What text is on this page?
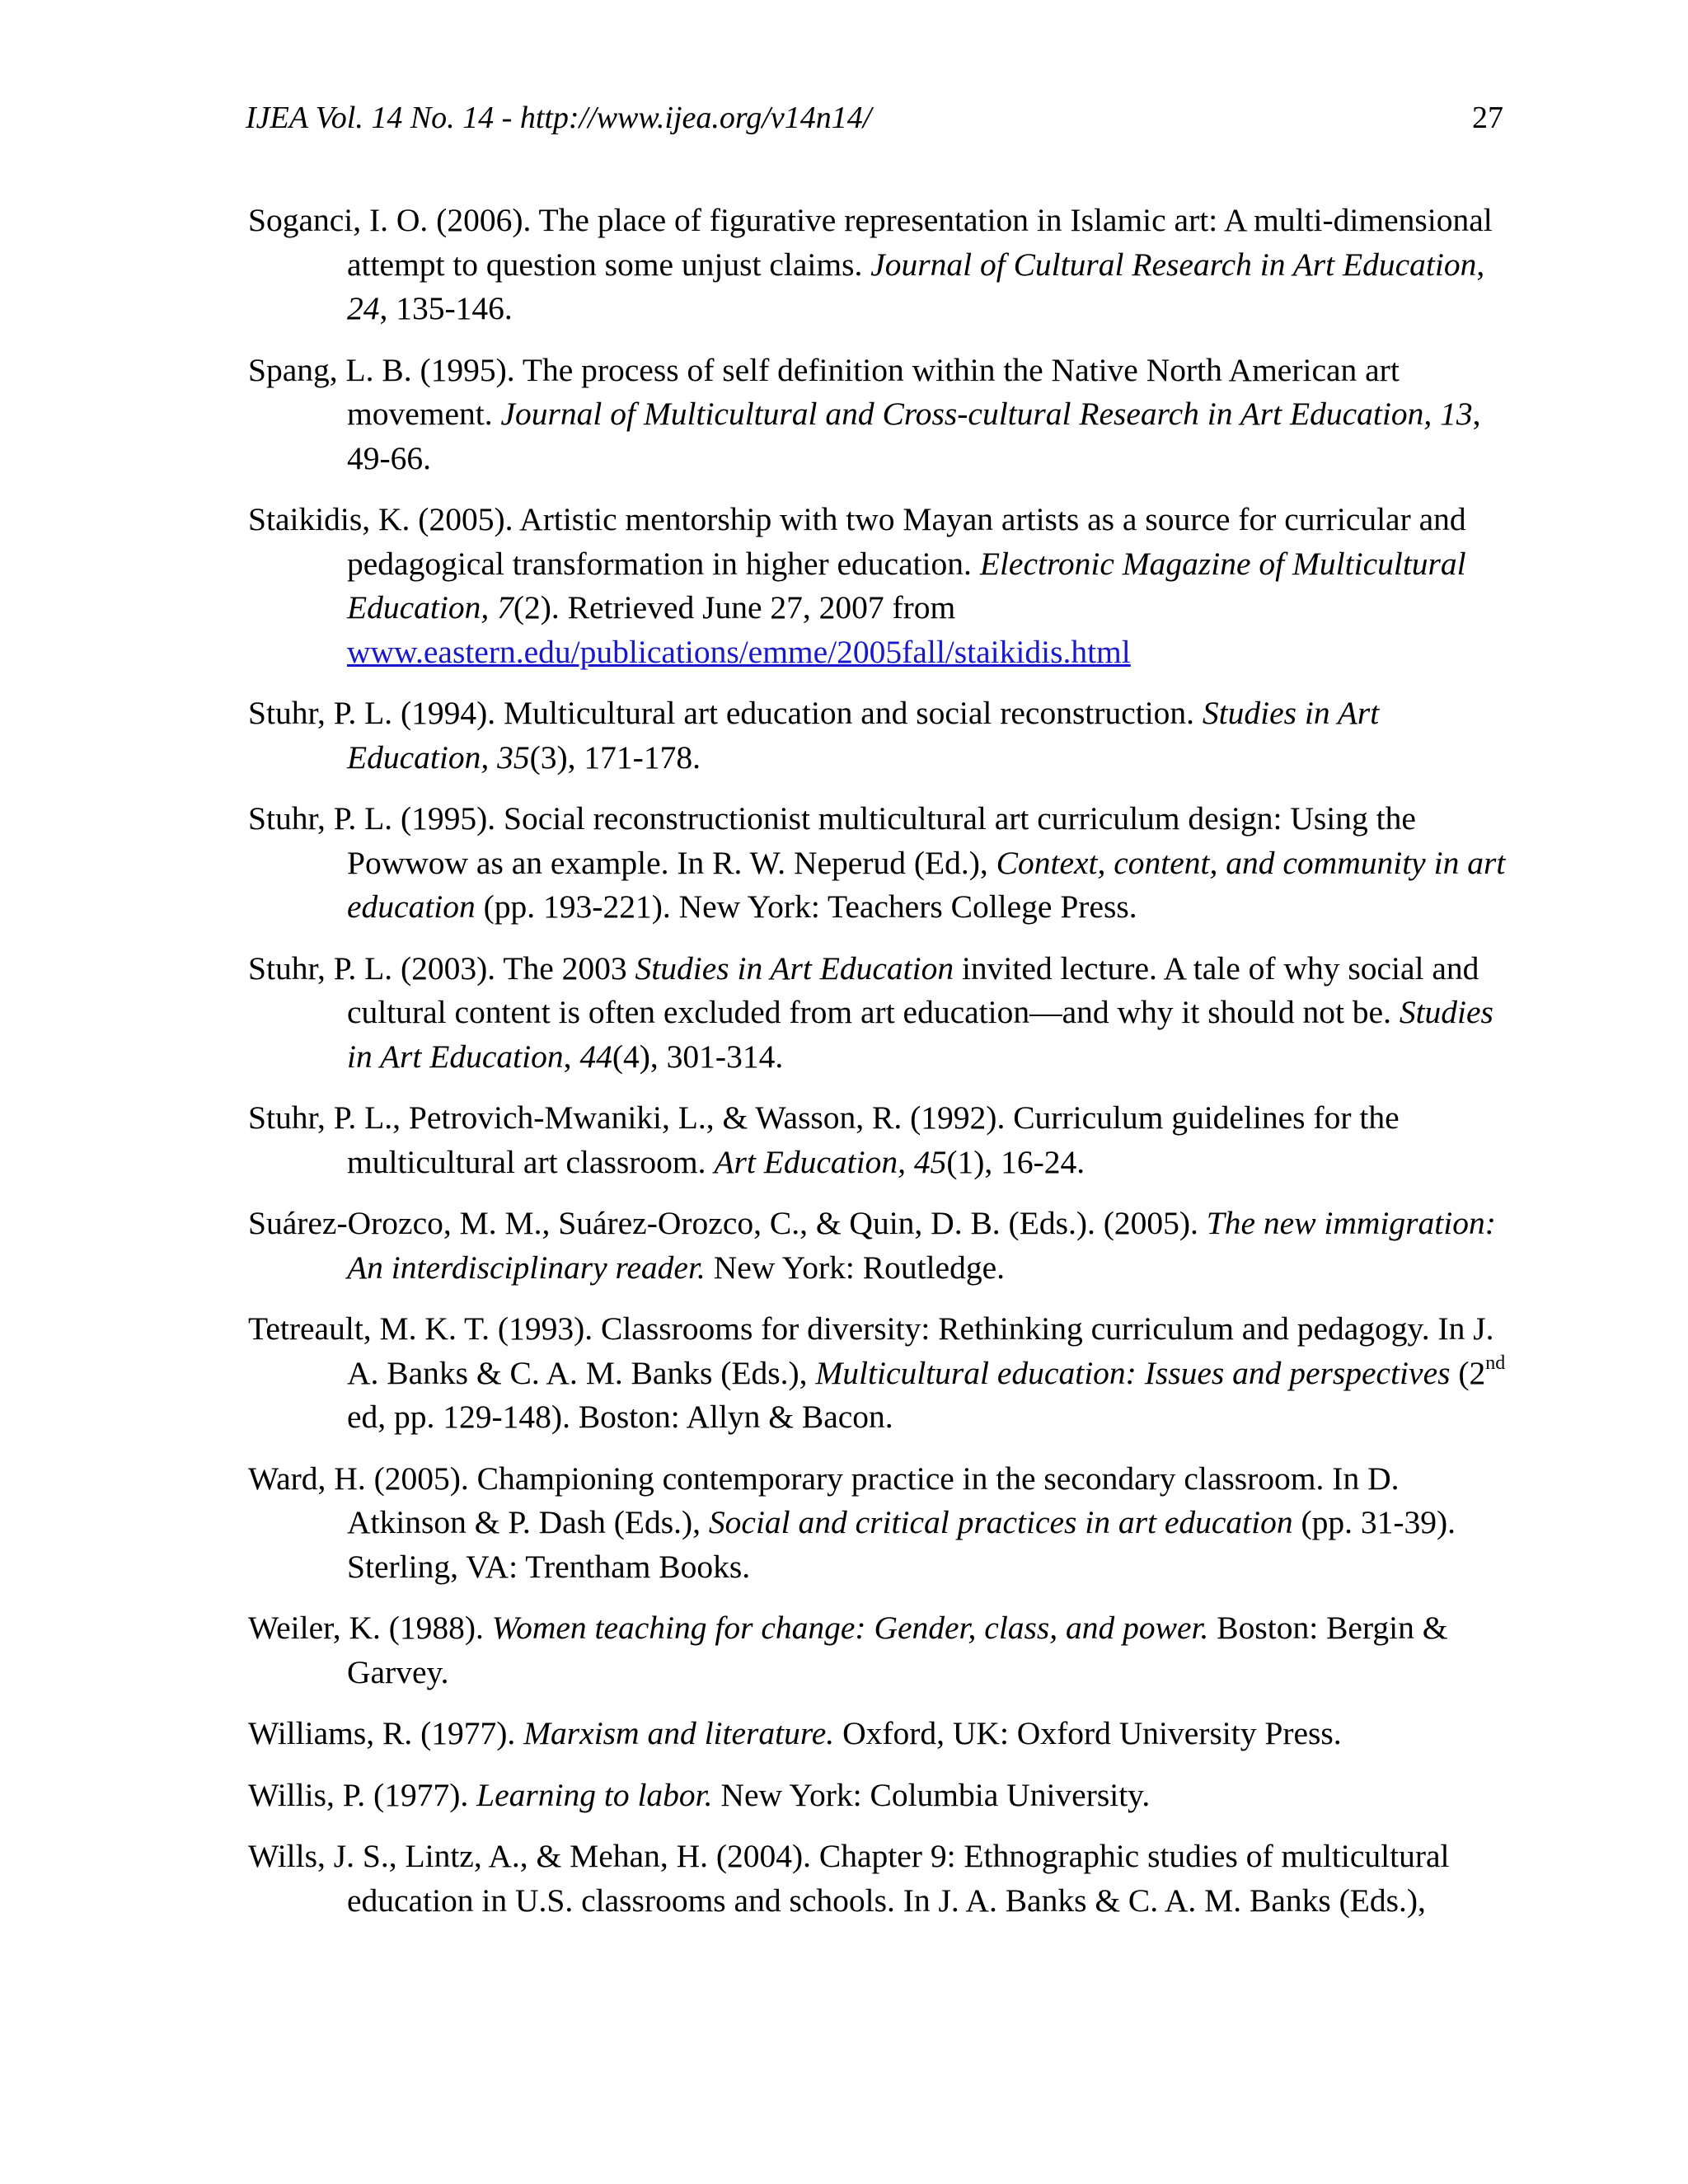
IJEA Vol. 14 No. 14 - http://www.ijea.org/v14n14/	27

Soganci, I. O. (2006). The place of figurative representation in Islamic art: A multi-dimensional attempt to question some unjust claims. Journal of Cultural Research in Art Education, 24, 135-146.

Spang, L. B. (1995). The process of self definition within the Native North American art movement. Journal of Multicultural and Cross-cultural Research in Art Education, 13, 49-66.

Staikidis, K. (2005). Artistic mentorship with two Mayan artists as a source for curricular and pedagogical transformation in higher education. Electronic Magazine of Multicultural Education, 7(2). Retrieved June 27, 2007 from www.eastern.edu/publications/emme/2005fall/staikidis.html

Stuhr, P. L. (1994). Multicultural art education and social reconstruction. Studies in Art Education, 35(3), 171-178.

Stuhr, P. L. (1995). Social reconstructionist multicultural art curriculum design: Using the Powwow as an example. In R. W. Neperud (Ed.), Context, content, and community in art education (pp. 193-221). New York: Teachers College Press.

Stuhr, P. L. (2003). The 2003 Studies in Art Education invited lecture. A tale of why social and cultural content is often excluded from art education—and why it should not be. Studies in Art Education, 44(4), 301-314.

Stuhr, P. L., Petrovich-Mwaniki, L., & Wasson, R. (1992). Curriculum guidelines for the multicultural art classroom. Art Education, 45(1), 16-24.

Suárez-Orozco, M. M., Suárez-Orozco, C., & Quin, D. B. (Eds.). (2005). The new immigration: An interdisciplinary reader. New York: Routledge.

Tetreault, M. K. T. (1993). Classrooms for diversity: Rethinking curriculum and pedagogy. In J. A. Banks & C. A. M. Banks (Eds.), Multicultural education: Issues and perspectives (2nd ed, pp. 129-148). Boston: Allyn & Bacon.

Ward, H. (2005). Championing contemporary practice in the secondary classroom. In D. Atkinson & P. Dash (Eds.), Social and critical practices in art education (pp. 31-39). Sterling, VA: Trentham Books.

Weiler, K. (1988). Women teaching for change: Gender, class, and power. Boston: Bergin & Garvey.

Williams, R. (1977). Marxism and literature. Oxford, UK: Oxford University Press.

Willis, P. (1977). Learning to labor. New York: Columbia University.

Wills, J. S., Lintz, A., & Mehan, H. (2004). Chapter 9: Ethnographic studies of multicultural education in U.S. classrooms and schools. In J. A. Banks & C. A. M. Banks (Eds.),
